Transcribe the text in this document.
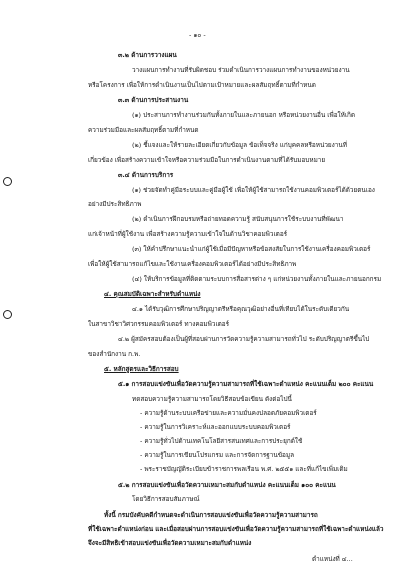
- ๑๐ -
๓.๒ ด้านการวางแผน
วางแผนการทำงานที่รับผิดชอบ ร่วมดำเนินการวางแผนการทำงานของหน่วยงาน
หรือโครงการ เพื่อให้การดำเนินงานเป็นไปตามเป้าหมายและผลสัมฤทธิ์ตามที่กำหนด
๓.๓ ด้านการประสานงาน
(๑) ประสานการทำงานร่วมกันทั้งภายในและภายนอก หรือหน่วยงานอื่น เพื่อให้เกิด
ความร่วมมือและผลสัมฤทธิ์ตามที่กำหนด
(๒) ชี้แจงและให้รายละเอียดเกี่ยวกับข้อมูล ข้อเท็จจริง แก่บุคคลหรือหน่วยงานที่
เกี่ยวข้อง เพื่อสร้างความเข้าใจหรือความร่วมมือในการดำเนินงานตามที่ได้รับมอบหมาย
๓.๔ ด้านการบริการ
(๑) ช่วยจัดทำคู่มือระบบและคู่มือผู้ใช้ เพื่อให้ผู้ใช้สามารถใช้งานคอมพิวเตอร์ได้ด้วยตนเอง
อย่างมีประสิทธิภาพ
(๒) ดำเนินการฝึกอบรมหรือถ่ายทอดความรู้ สนับสนุนการใช้ระบบงานที่พัฒนา
แก่เจ้าหน้าที่ผู้ใช้งาน เพื่อสร้างความรู้ความเข้าใจในด้านวิชาคอมพิวเตอร์
(๓) ให้คำปรึกษาแนะนำแก่ผู้ใช้เมื่อมีปัญหาหรือข้อสงสัยในการใช้งานเครื่องคอมพิวเตอร์
เพื่อให้ผู้ใช้สามารถแก้ไขและใช้งานเครื่องคอมพิวเตอร์ได้อย่างมีประสิทธิภาพ
(๔) ให้บริการข้อมูลที่ติดตามระบบการสื่อสารต่าง ๆ แก่หน่วยงานทั้งภายในและภายนอกกรม
๔. คุณสมบัติเฉพาะสำหรับตำแหน่ง
๔.๑ ได้รับวุฒิการศึกษาปริญญาตรีหรือคุณวุฒิอย่างอื่นที่เทียบได้ในระดับเดียวกัน
ในสาขาวิชาวิศวกรรมคอมพิวเตอร์ ทางคอมพิวเตอร์
๔.๒ ผู้สมัครสอบต้องเป็นผู้ที่สอบผ่านการวัดความรู้ความสามารถทั่วไป ระดับปริญญาตรีขึ้นไป
ของสำนักงาน ก.พ.
๕. หลักสูตรและวิธีการสอบ
๕.๑ การสอบแข่งขันเพื่อวัดความรู้ความสามารถที่ใช้เฉพาะตำแหน่ง คะแนนเต็ม ๒๐๐ คะแนน
ทดสอบความรู้ความสามารถโดยวิธีสอบข้อเขียน ดังต่อไปนี้
- ความรู้ด้านระบบเครือข่ายและความมั่นคงปลอดภัยคอมพิวเตอร์
- ความรู้ในการวิเคราะห์และออกแบบระบบคอมพิวเตอร์
- ความรู้ทั่วไปด้านเทคโนโลยีสารสนเทศและการประยุกต์ใช้
- ความรู้ในการเขียนโปรแกรม และการจัดการฐานข้อมูล
- พระราชบัญญัติระเบียบข้าราชการพลเรือน พ.ศ. ๒๕๕๑ และที่แก้ไขเพิ่มเติม
๕.๒ การสอบแข่งขันเพื่อวัดความเหมาะสมกับตำแหน่ง คะแนนเต็ม ๑๐๐ คะแนน
โดยวิธีการสอบสัมภาษณ์
ทั้งนี้ กรมบังคับคดีกำหนดจะดำเนินการสอบแข่งขันเพื่อวัดความรู้ความสามารถ
ที่ใช้เฉพาะตำแหน่งก่อน และเมื่อสอบผ่านการสอบแข่งขันเพื่อวัดความรู้ความสามารถที่ใช้เฉพาะตำแหน่งแล้ว
จึงจะมีสิทธิเข้าสอบแข่งขันเพื่อวัดความเหมาะสมกับตำแหน่ง
ตำแหน่งที่ ๔...
